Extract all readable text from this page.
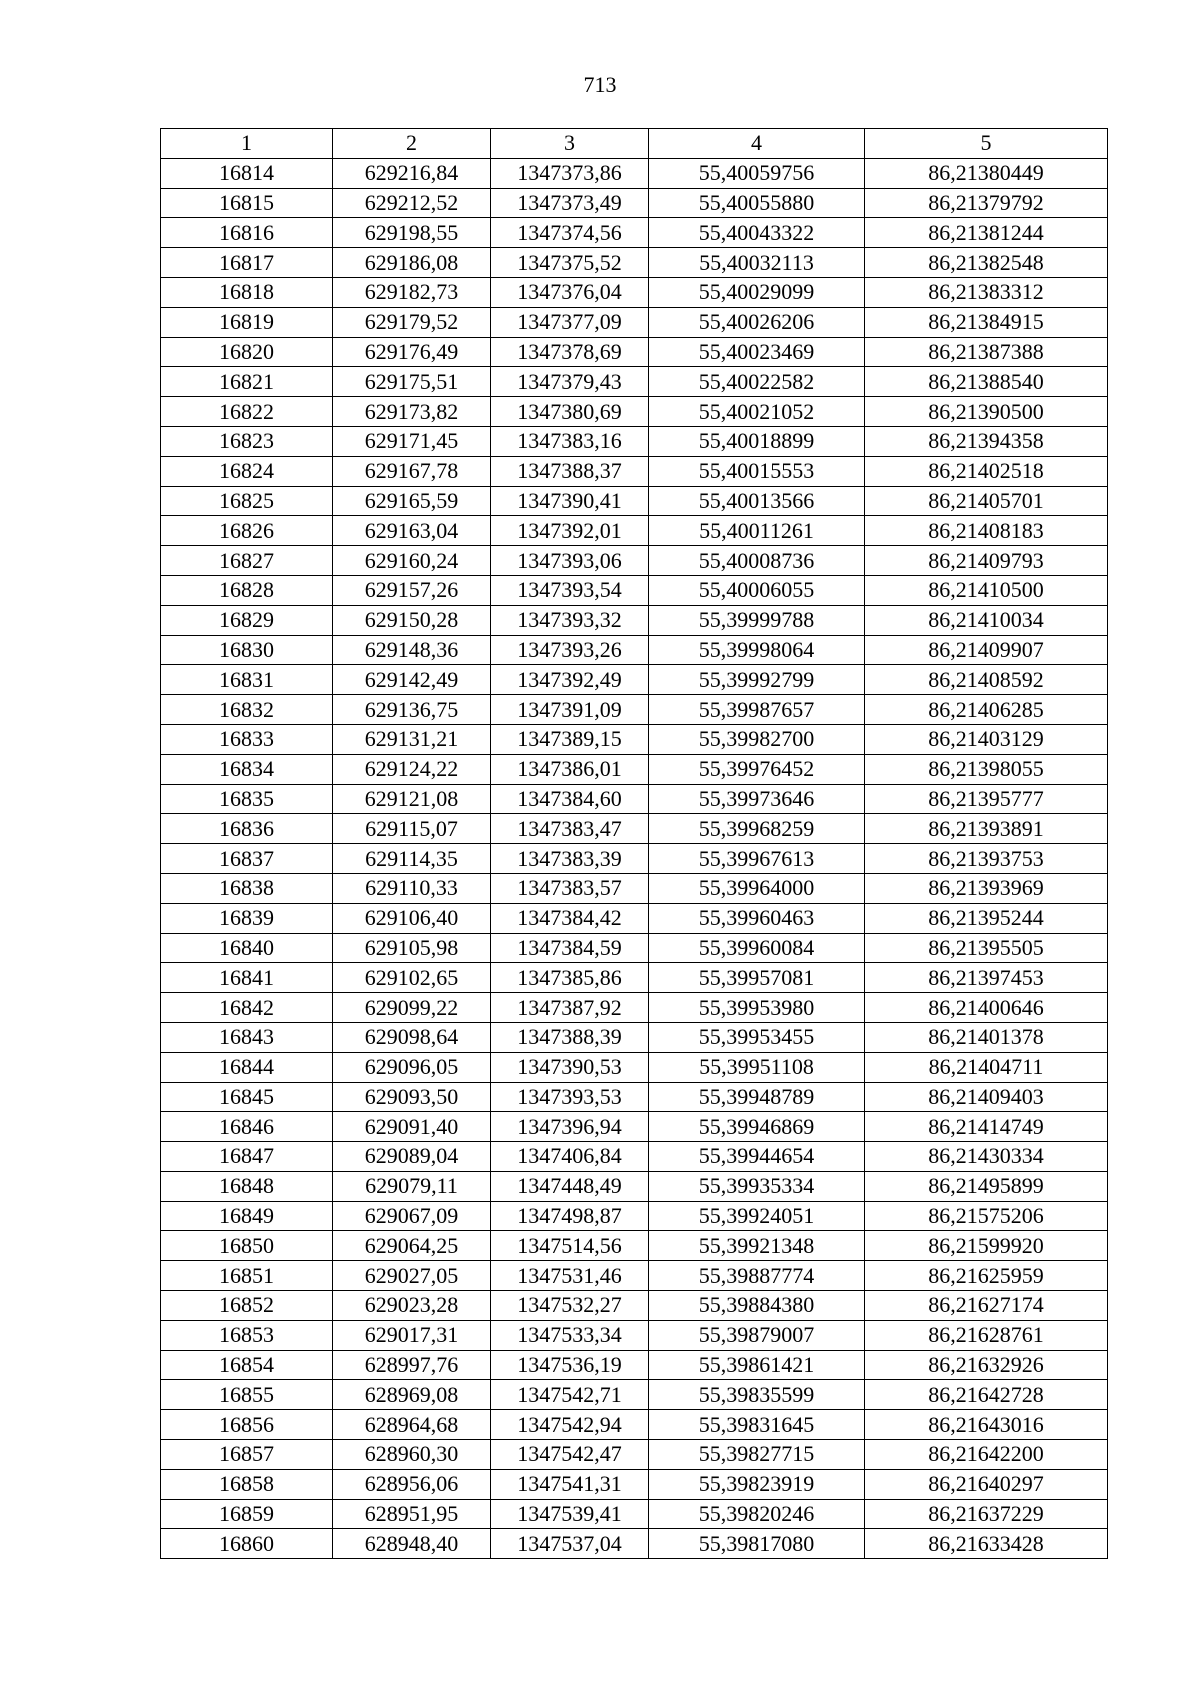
713
1	2	3	4	5
16814	629216,84	1347373,86	55,40059756	86,21380449
16815	629212,52	1347373,49	55,40055880	86,21379792
16816	629198,55	1347374,56	55,40043322	86,21381244
16817	629186,08	1347375,52	55,40032113	86,21382548
16818	629182,73	1347376,04	55,40029099	86,21383312
16819	629179,52	1347377,09	55,40026206	86,21384915
16820	629176,49	1347378,69	55,40023469	86,21387388
16821	629175,51	1347379,43	55,40022582	86,21388540
16822	629173,82	1347380,69	55,40021052	86,21390500
16823	629171,45	1347383,16	55,40018899	86,21394358
16824	629167,78	1347388,37	55,40015553	86,21402518
16825	629165,59	1347390,41	55,40013566	86,21405701
16826	629163,04	1347392,01	55,40011261	86,21408183
16827	629160,24	1347393,06	55,40008736	86,21409793
16828	629157,26	1347393,54	55,40006055	86,21410500
16829	629150,28	1347393,32	55,39999788	86,21410034
16830	629148,36	1347393,26	55,39998064	86,21409907
16831	629142,49	1347392,49	55,39992799	86,21408592
16832	629136,75	1347391,09	55,39987657	86,21406285
16833	629131,21	1347389,15	55,39982700	86,21403129
16834	629124,22	1347386,01	55,39976452	86,21398055
16835	629121,08	1347384,60	55,39973646	86,21395777
16836	629115,07	1347383,47	55,39968259	86,21393891
16837	629114,35	1347383,39	55,39967613	86,21393753
16838	629110,33	1347383,57	55,39964000	86,21393969
16839	629106,40	1347384,42	55,39960463	86,21395244
16840	629105,98	1347384,59	55,39960084	86,21395505
16841	629102,65	1347385,86	55,39957081	86,21397453
16842	629099,22	1347387,92	55,39953980	86,21400646
16843	629098,64	1347388,39	55,39953455	86,21401378
16844	629096,05	1347390,53	55,39951108	86,21404711
16845	629093,50	1347393,53	55,39948789	86,21409403
16846	629091,40	1347396,94	55,39946869	86,21414749
16847	629089,04	1347406,84	55,39944654	86,21430334
16848	629079,11	1347448,49	55,39935334	86,21495899
16849	629067,09	1347498,87	55,39924051	86,21575206
16850	629064,25	1347514,56	55,39921348	86,21599920
16851	629027,05	1347531,46	55,39887774	86,21625959
16852	629023,28	1347532,27	55,39884380	86,21627174
16853	629017,31	1347533,34	55,39879007	86,21628761
16854	628997,76	1347536,19	55,39861421	86,21632926
16855	628969,08	1347542,71	55,39835599	86,21642728
16856	628964,68	1347542,94	55,39831645	86,21643016
16857	628960,30	1347542,47	55,39827715	86,21642200
16858	628956,06	1347541,31	55,39823919	86,21640297
16859	628951,95	1347539,41	55,39820246	86,21637229
16860	628948,40	1347537,04	55,39817080	86,21633428
